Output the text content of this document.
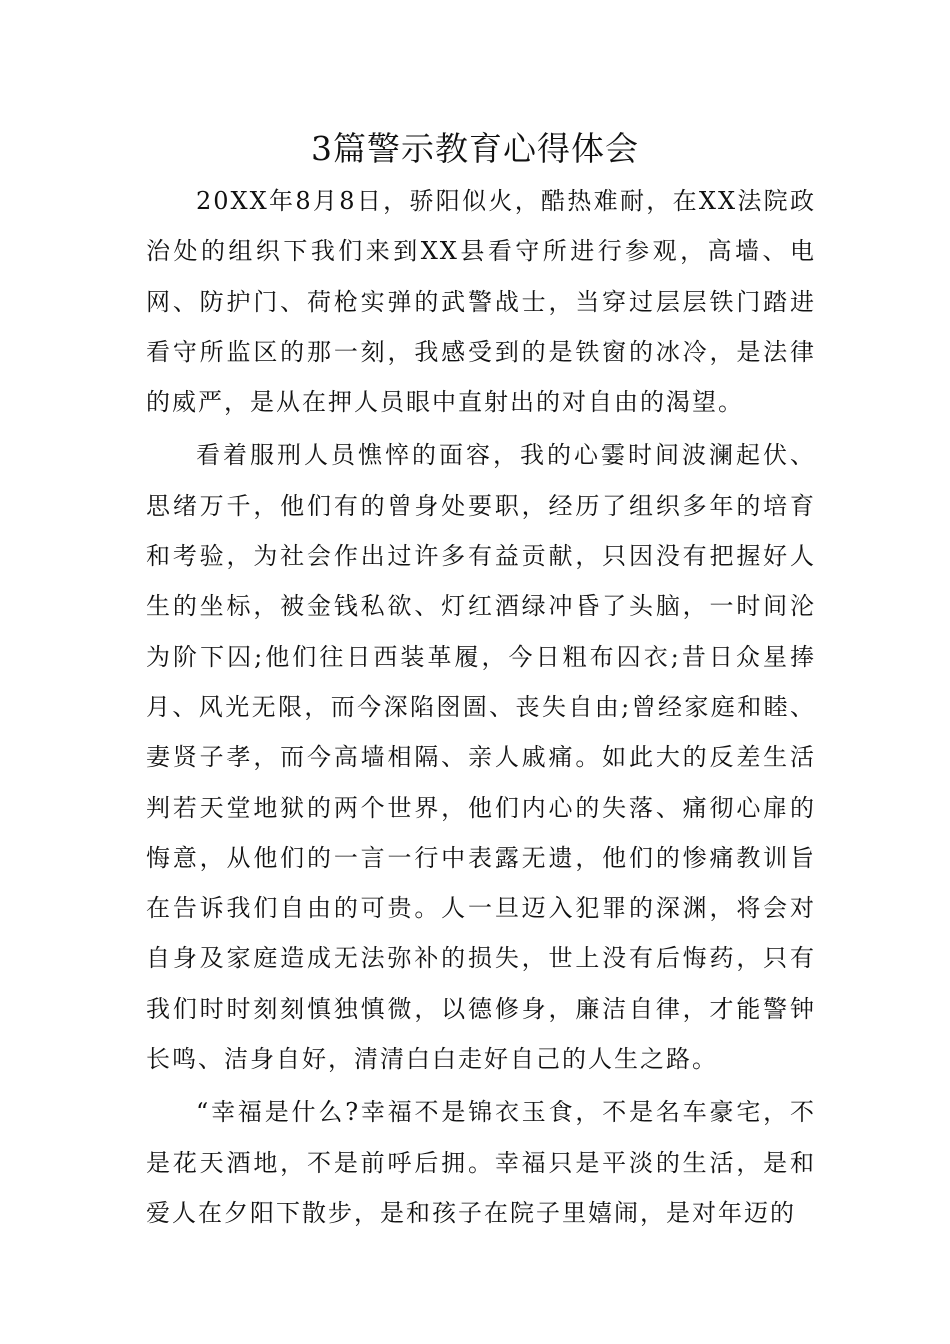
3篇警示教育心得体会

20XX年8月8日，骄阳似火，酷热难耐，在XX法院政治处的组织下我们来到XX县看守所进行参观，高墙、电网、防护门、荷枪实弹的武警战士，当穿过层层铁门踏进看守所监区的那一刻，我感受到的是铁窗的冰冷，是法律的威严，是从在押人员眼中直射出的对自由的渴望。

看着服刑人员憔悴的面容，我的心霎时间波澜起伏、思绪万千，他们有的曾身处要职，经历了组织多年的培育和考验，为社会作出过许多有益贡献，只因没有把握好人生的坐标，被金钱私欲、灯红酒绿冲昏了头脑，一时间沦为阶下囚;他们往日西装革履，今日粗布囚衣;昔日众星捧月、风光无限，而今深陷囹圄、丧失自由;曾经家庭和睦、妻贤子孝，而今高墙相隔、亲人戚痛。如此大的反差生活判若天堂地狱的两个世界，他们内心的失落、痛彻心扉的悔意，从他们的一言一行中表露无遗，他们的惨痛教训旨在告诉我们自由的可贵。人一旦迈入犯罪的深渊，将会对自身及家庭造成无法弥补的损失，世上没有后悔药，只有我们时时刻刻慎独慎微，以德修身，廉洁自律，才能警钟长鸣、洁身自好，清清白白走好自己的人生之路。

“幸福是什么?幸福不是锦衣玉食，不是名车豪宅，不是花天酒地，不是前呼后拥。幸福只是平淡的生活，是和爱人在夕阳下散步，是和孩子在院子里嬉闹，是对年迈的
